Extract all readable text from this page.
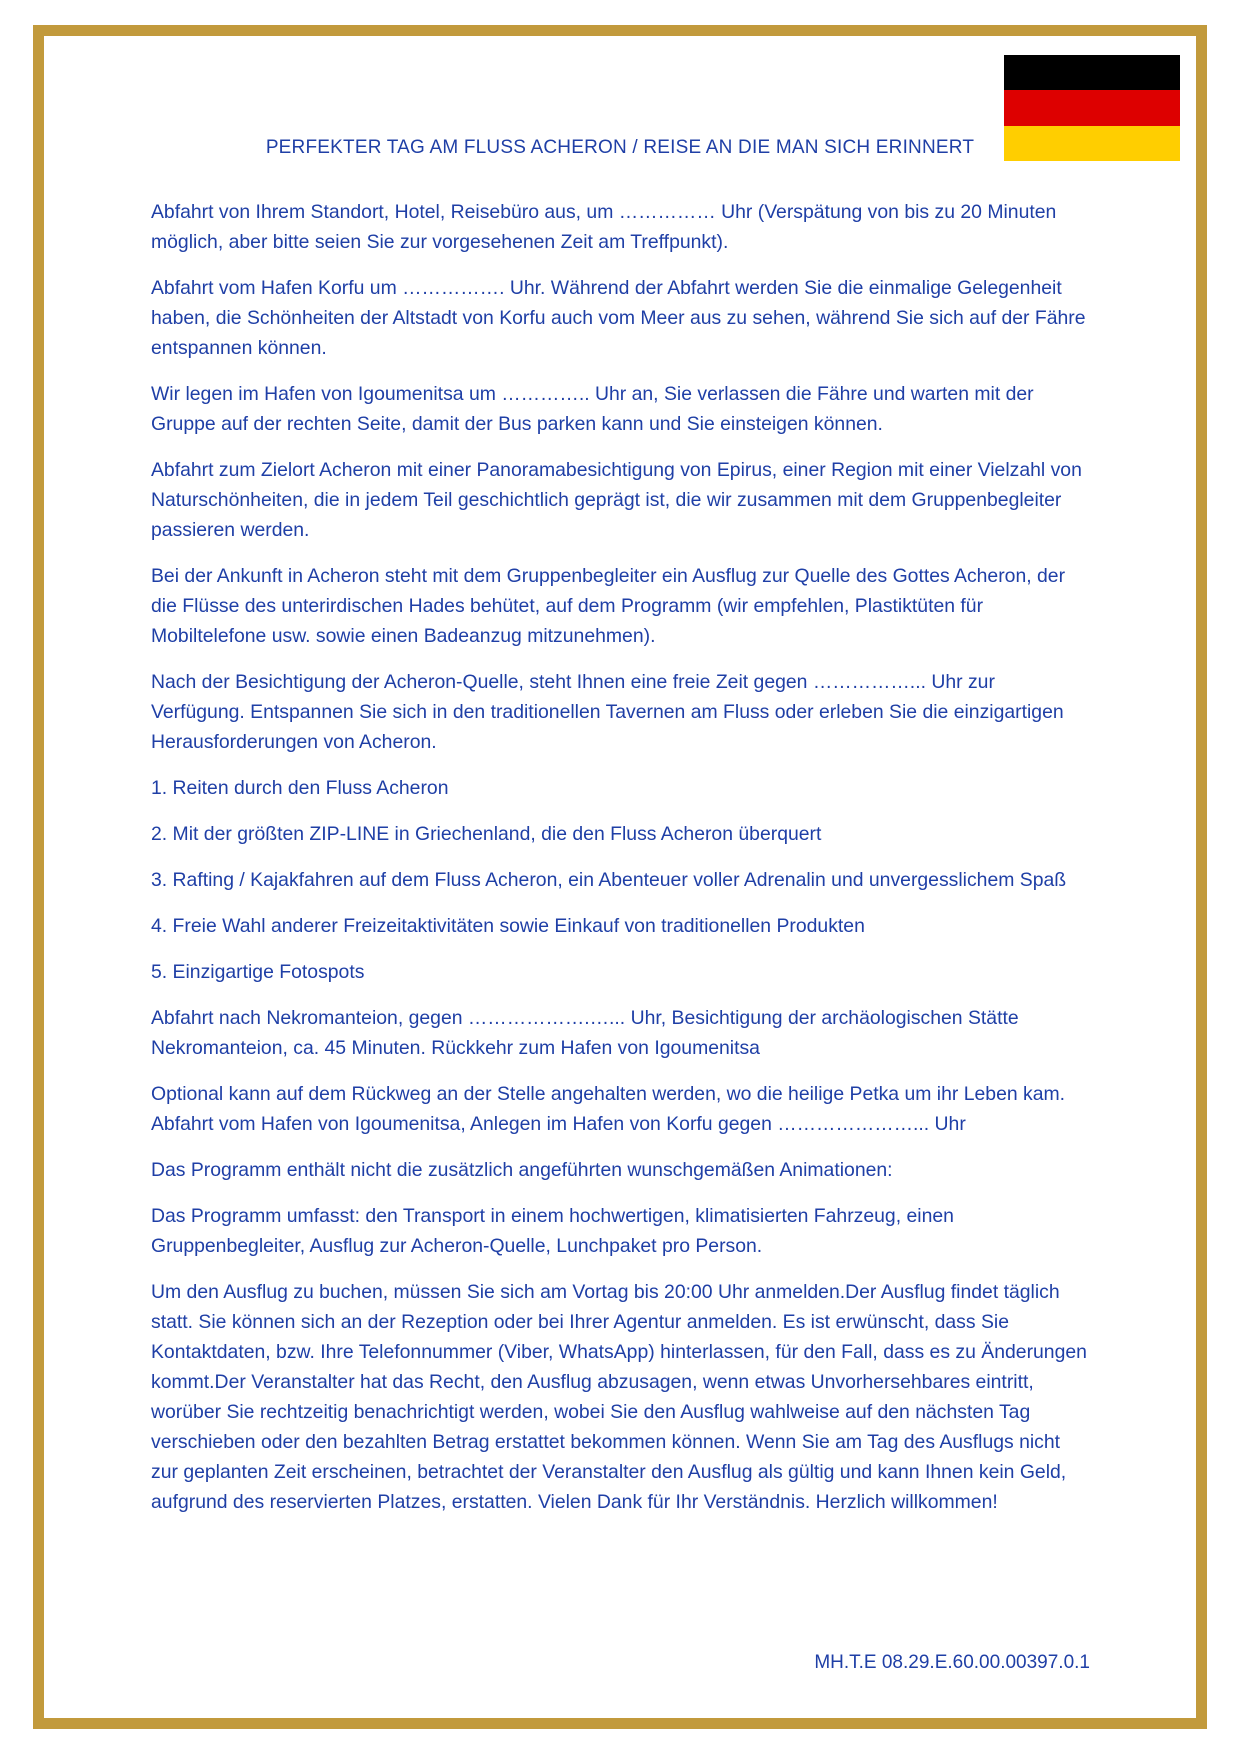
PERFEKTER TAG AM FLUSS ACHERON / REISE AN DIE MAN SICH ERINNERT

Abfahrt von Ihrem Standort, Hotel, Reisebüro aus, um …………… Uhr (Verspätung von bis zu 20 Minuten möglich, aber bitte seien Sie zur vorgesehenen Zeit am Treffpunkt).

Abfahrt vom Hafen Korfu um ……………. Uhr. Während der Abfahrt werden Sie die einmalige Gelegenheit haben, die Schönheiten der Altstadt von Korfu auch vom Meer aus zu sehen, während Sie sich auf der Fähre entspannen können.

Wir legen im Hafen von Igoumenitsa um ………….. Uhr an, Sie verlassen die Fähre und warten mit der Gruppe auf der rechten Seite, damit der Bus parken kann und Sie einsteigen können.

Abfahrt zum Zielort Acheron mit einer Panoramabesichtigung von Epirus, einer Region mit einer Vielzahl von Naturschönheiten, die in jedem Teil geschichtlich geprägt ist, die wir zusammen mit dem Gruppenbegleiter passieren werden.

Bei der Ankunft in Acheron steht mit dem Gruppenbegleiter ein Ausflug zur Quelle des Gottes Acheron, der die Flüsse des unterirdischen Hades behütet, auf dem Programm (wir empfehlen, Plastiktüten für Mobiltelefone usw. sowie einen Badeanzug mitzunehmen).

Nach der Besichtigung der Acheron-Quelle, steht Ihnen eine freie Zeit gegen ……………... Uhr zur Verfügung. Entspannen Sie sich in den traditionellen Tavernen am Fluss oder erleben Sie die einzigartigen Herausforderungen von Acheron.

1. Reiten durch den Fluss Acheron
2. Mit der größten ZIP-LINE in Griechenland, die den Fluss Acheron überquert
3. Rafting / Kajakfahren auf dem Fluss Acheron, ein Abenteuer voller Adrenalin und unvergesslichem Spaß
4. Freie Wahl anderer Freizeitaktivitäten sowie Einkauf von traditionellen Produkten
5. Einzigartige Fotospots

Abfahrt nach Nekromanteion, gegen ……………….…... Uhr, Besichtigung der archäologischen Stätte Nekromanteion, ca. 45 Minuten. Rückkehr zum Hafen von Igoumenitsa

Optional kann auf dem Rückweg an der Stelle angehalten werden, wo die heilige Petka um ihr Leben kam. Abfahrt vom Hafen von Igoumenitsa, Anlegen im Hafen von Korfu gegen …………………... Uhr

Das Programm enthält nicht die zusätzlich angeführten wunschgemäßen Animationen:

Das Programm umfasst: den Transport in einem hochwertigen, klimatisierten Fahrzeug, einen Gruppenbegleiter, Ausflug zur Acheron-Quelle, Lunchpaket pro Person.

Um den Ausflug zu buchen, müssen Sie sich am Vortag bis 20:00 Uhr anmelden.Der Ausflug findet täglich statt. Sie können sich an der Rezeption oder bei Ihrer Agentur anmelden. Es ist erwünscht, dass Sie Kontaktdaten, bzw. Ihre Telefonnummer (Viber, WhatsApp) hinterlassen, für den Fall, dass es zu Änderungen kommt.Der Veranstalter hat das Recht, den Ausflug abzusagen, wenn etwas Unvorhersehbares eintritt, worüber Sie rechtzeitig benachrichtigt werden, wobei Sie den Ausflug wahlweise auf den nächsten Tag verschieben oder den bezahlten Betrag erstattet bekommen können. Wenn Sie am Tag des Ausflugs nicht zur geplanten Zeit erscheinen, betrachtet der Veranstalter den Ausflug als gültig und kann Ihnen kein Geld, aufgrund des reservierten Platzes, erstatten. Vielen Dank für Ihr Verständnis. Herzlich willkommen!

MH.T.E 08.29.E.60.00.00397.0.1
